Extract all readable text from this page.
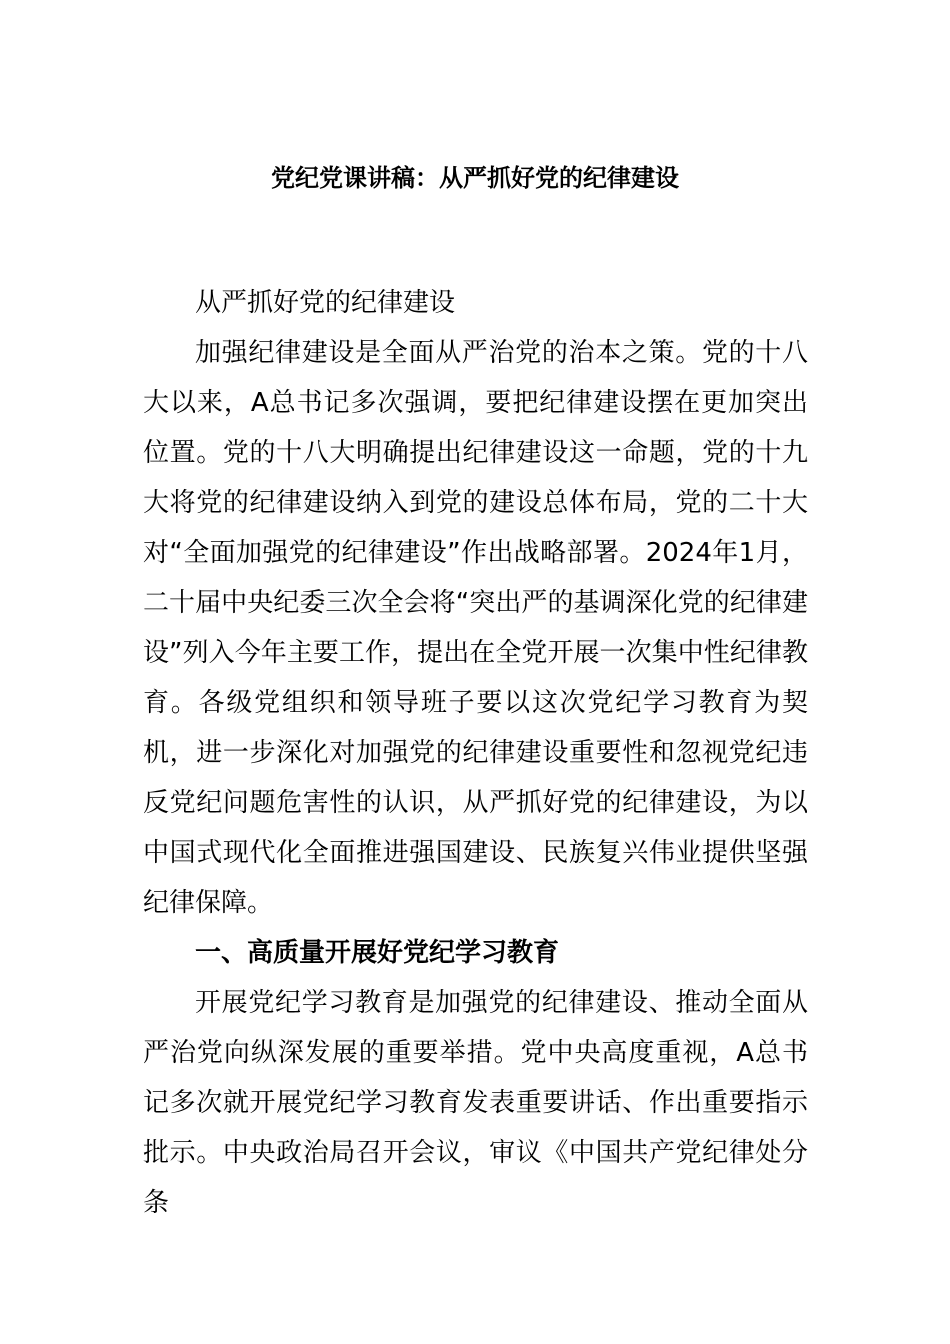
党纪党课讲稿：从严抓好党的纪律建设

从严抓好党的纪律建设

加强纪律建设是全面从严治党的治本之策。党的十八大以来，A总书记多次强调，要把纪律建设摆在更加突出位置。党的十八大明确提出纪律建设这一命题，党的十九大将党的纪律建设纳入到党的建设总体布局，党的二十大对“全面加强党的纪律建设”作出战略部署。2024年1月，二十届中央纪委三次全会将“突出严的基调深化党的纪律建设”列入今年主要工作，提出在全党开展一次集中性纪律教育。各级党组织和领导班子要以这次党纪学习教育为契机，进一步深化对加强党的纪律建设重要性和忽视党纪违反党纪问题危害性的认识，从严抓好党的纪律建设，为以中国式现代化全面推进强国建设、民族复兴伟业提供坚强纪律保障。

一、高质量开展好党纪学习教育

开展党纪学习教育是加强党的纪律建设、推动全面从严治党向纵深发展的重要举措。党中央高度重视，A总书记多次就开展党纪学习教育发表重要讲话、作出重要指示批示。中央政治局召开会议，审议《中国共产党纪律处分条
